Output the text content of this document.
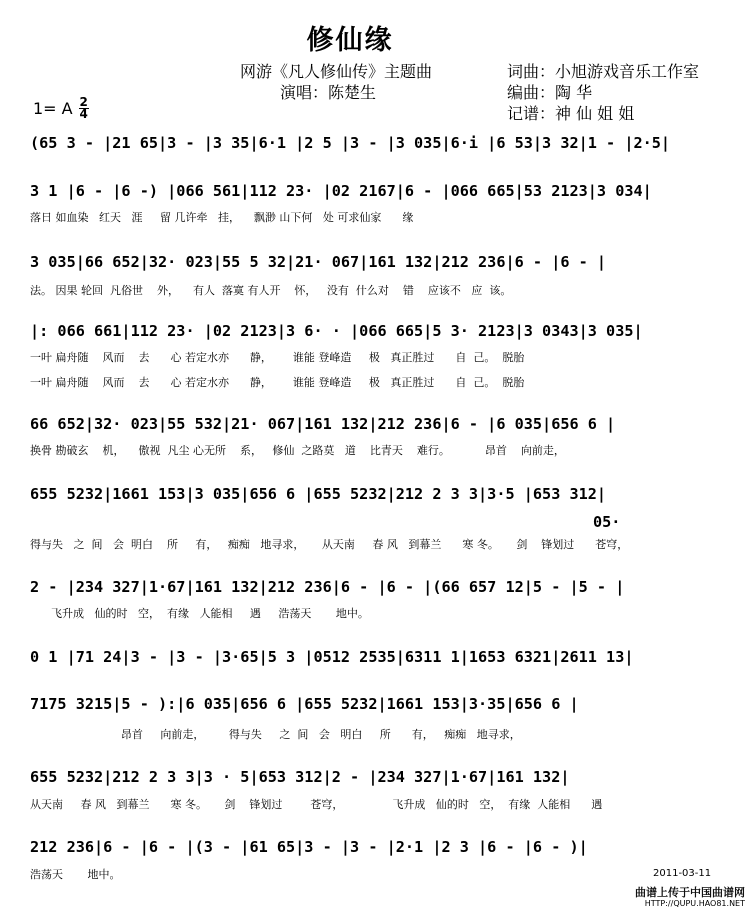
修仙缘
网游《凡人修仙传》主题曲
演唱：陈楚生
词曲：小旭游戏音乐工作室
编曲：陶 华
记谱：神 仙 姐 姐
1= A 2
4
(65 3 - |21 65|3 - |3 35|6·1 |2 5 |3 - |3 035|6·i |6 53|3 32|1 - |2·5|
3 1 |6 - |6 -) |066 561|112 23· |02 2167|6 - |066 665|53 2123|3 034|
落日 如血染   红天   涯     留 几许牵   挂，    飘渺 山下何   处 可求仙家      缘
3 035|66 652|32· 023|55 5 32|21· 067|161 132|212 236|6 - |6 - |
法。 因果 轮回  凡俗世    外，    有人  落寞 有人开    怀，   没有  什么对    错    应该不   应  该。
|: 066 661|112 23· |02 2123|3 6· · |066 665|5 3· 2123|3 0343|3 035|
一叶 扁舟随    风而    去      心 若定水亦      静，      谁能 登峰造     极   真正胜过      自  己。  脱胎
一叶 扁舟随    风而    去      心 若定水亦      静，      谁能 登峰造     极   真正胜过      自  己。  脱胎
66 652|32· 023|55 532|21· 067|161 132|212 236|6 - |6 035|656 6 |
换骨 勘破玄    机，    傲视  凡尘 心无所    系，   修仙  之路莫   道    比青天    难行。          昂首    向前走，
655 5232|1661 153|3 035|656 6 |655 5232|212 2 3 3|3·5 |653 312|
05·
得与失   之  间   会  明白    所     有，   痴痴   地寻求，     从天南     春 风   到幕兰      寒 冬。     剑    锋划过      苍穹，
2 - |234 327|1·67|161 132|212 236|6 - |6 - |(66 657 12|5 - |5 - |
飞升成   仙的时   空，  有缘   人能相     遇     浩荡天       地中。
0 1 |71 24|3 - |3 - |3·65|5 3 |0512 2535|6311 1|1653 6321|2611 13|
7175 3215|5 - ):|6 035|656 6 |655 5232|1661 153|3·35|656 6 |
昂首     向前走，       得与失     之  间   会   明白     所      有，   痴痴   地寻求，
655 5232|212 2 3 3|3 · 5|653 312|2 - |234 327|1·67|161 132|
从天南     春 风   到幕兰      寒 冬。     剑    锋划过        苍穹，              飞升成   仙的时   空，  有缘  人能相      遇
212 236|6 - |6 - |(3 - |61 65|3 - |3 - |2·1 |2 3 |6 - |6 - )|
浩荡天       地中。	2011-03-11
曲谱上传于中国曲谱网
HTTP://QUPU.HAO81.NET
